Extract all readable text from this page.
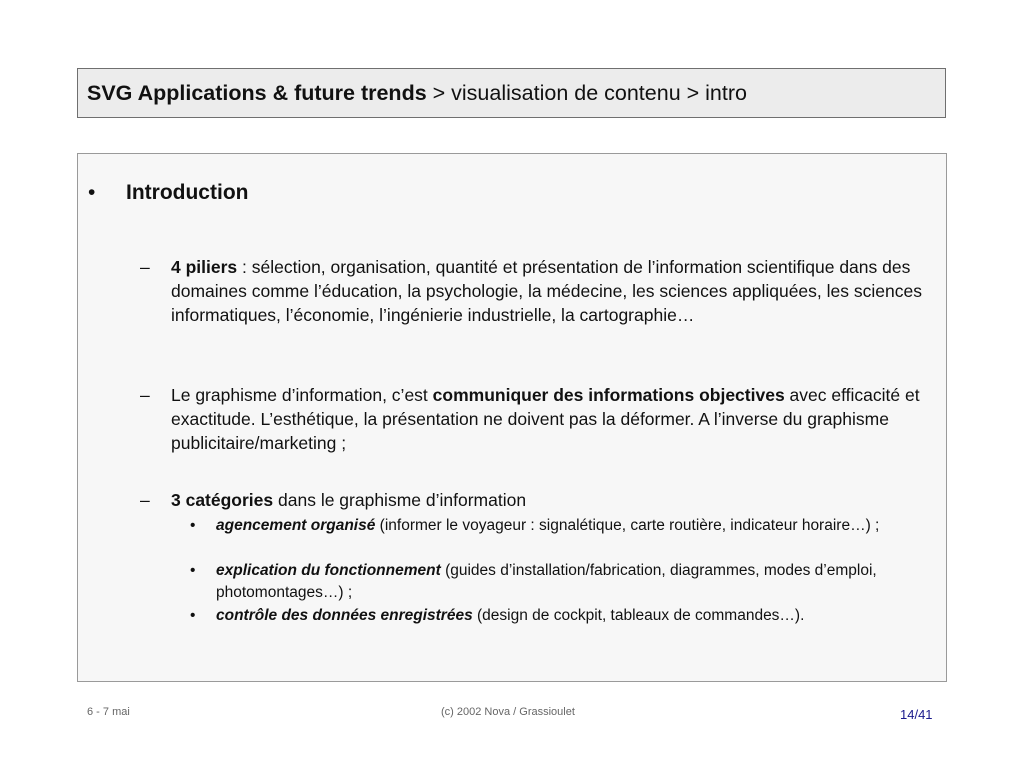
SVG Applications & future trends > visualisation de contenu > intro
• Introduction
– 4 piliers : sélection, organisation, quantité et présentation de l’information scientifique dans des domaines comme l’éducation, la psychologie, la médecine, les sciences appliquées, les sciences informatiques, l’économie, l’ingénierie industrielle, la cartographie…
– Le graphisme d’information, c’est communiquer des informations objectives avec efficacité et exactitude. L’esthétique, la présentation ne doivent pas la déformer. A l’inverse du graphisme publicitaire/marketing ;
– 3 catégories dans le graphisme d’information
• agencement organisé (informer le voyageur : signalétique, carte routière, indicateur horaire…) ;
• explication du fonctionnement (guides d’installation/fabrication, diagrammes, modes d’emploi, photomontages…) ;
• contrôle des données enregistrées (design de cockpit, tableaux de commandes…).
6 - 7 mai	(c) 2002 Nova / Grassioulet	14/41
